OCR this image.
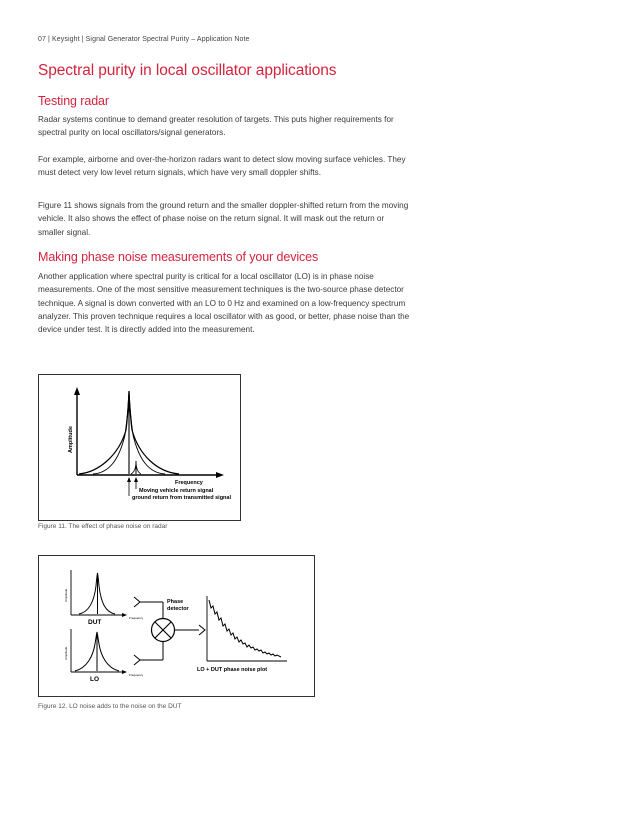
07 | Keysight | Signal Generator Spectral Purity – Application Note
Spectral purity in local oscillator applications
Testing radar

Radar systems continue to demand greater resolution of targets. This puts higher requirements for spectral purity on local oscillators/signal generators.

For example, airborne and over-the-horizon radars want to detect slow moving surface vehicles. They must detect very low level return signals, which have very small doppler shifts.

Figure 11 shows signals from the ground return and the smaller doppler-shifted return from the moving vehicle. It also shows the effect of phase noise on the return signal. It will mask out the return or smaller signal.

Making phase noise measurements of your devices

Another application where spectral purity is critical for a local oscillator (LO) is in phase noise measurements. One of the most sensitive measurement techniques is the two-source phase detector technique. A signal is down converted with an LO to 0 Hz and examined on a low-frequency spectrum analyzer. This proven technique requires a local oscillator with as good, or better, phase noise than the device under test. It is directly added into the measurement.

Amplitude
Frequency
Moving vehicle return signal
ground return from transmitted signal
Figure 11. The effect of phase noise on radar
Amplitude
Frequency
DUT
Amplitude
Frequency
LO
Phase
detector
LO + DUT phase noise plot
Figure 12. LO noise adds to the noise on the DUT
